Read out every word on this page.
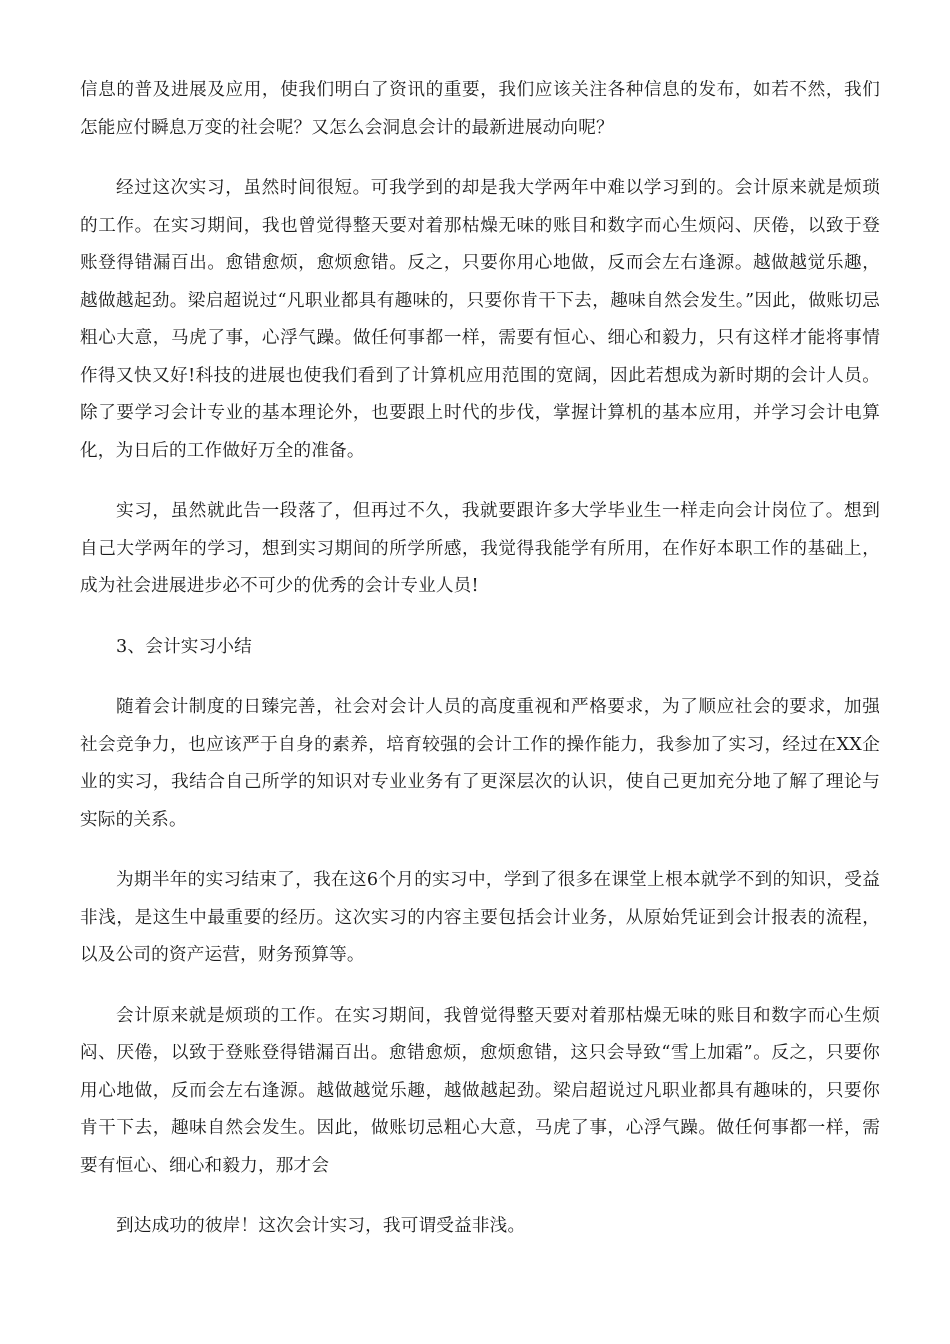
信息的普及进展及应用，使我们明白了资讯的重要，我们应该关注各种信息的发布，如若不然，我们怎能应付瞬息万变的社会呢？又怎么会洞息会计的最新进展动向呢？

经过这次实习，虽然时间很短。可我学到的却是我大学两年中难以学习到的。会计原来就是烦琐的工作。在实习期间，我也曾觉得整天要对着那枯燥无味的账目和数字而心生烦闷、厌倦，以致于登账登得错漏百出。愈错愈烦，愈烦愈错。反之，只要你用心地做，反而会左右逢源。越做越觉乐趣，越做越起劲。梁启超说过“凡职业都具有趣味的，只要你肯干下去，趣味自然会发生。”因此，做账切忌粗心大意，马虎了事，心浮气躁。做任何事都一样，需要有恒心、细心和毅力，只有这样才能将事情作得又快又好!科技的进展也使我们看到了计算机应用范围的宽阔，因此若想成为新时期的会计人员。除了要学习会计专业的基本理论外，也要跟上时代的步伐，掌握计算机的基本应用，并学习会计电算化，为日后的工作做好万全的准备。

实习，虽然就此告一段落了，但再过不久，我就要跟许多大学毕业生一样走向会计岗位了。想到自己大学两年的学习，想到实习期间的所学所感，我觉得我能学有所用，在作好本职工作的基础上，成为社会进展进步必不可少的优秀的会计专业人员!

3、会计实习小结

随着会计制度的日臻完善，社会对会计人员的高度重视和严格要求，为了顺应社会的要求，加强社会竞争力，也应该严于自身的素养，培育较强的会计工作的操作能力，我参加了实习，经过在XX企业的实习，我结合自己所学的知识对专业业务有了更深层次的认识，使自己更加充分地了解了理论与实际的关系。

为期半年的实习结束了，我在这6个月的实习中，学到了很多在课堂上根本就学不到的知识，受益非浅，是这生中最重要的经历。这次实习的内容主要包括会计业务，从原始凭证到会计报表的流程，以及公司的资产运营，财务预算等。

会计原来就是烦琐的工作。在实习期间，我曾觉得整天要对着那枯燥无味的账目和数字而心生烦闷、厌倦，以致于登账登得错漏百出。愈错愈烦，愈烦愈错，这只会导致“雪上加霜”。反之，只要你用心地做，反而会左右逢源。越做越觉乐趣，越做越起劲。梁启超说过凡职业都具有趣味的，只要你肯干下去，趣味自然会发生。因此，做账切忌粗心大意，马虎了事，心浮气躁。做任何事都一样，需要有恒心、细心和毅力，那才会

到达成功的彼岸！这次会计实习，我可谓受益非浅。
